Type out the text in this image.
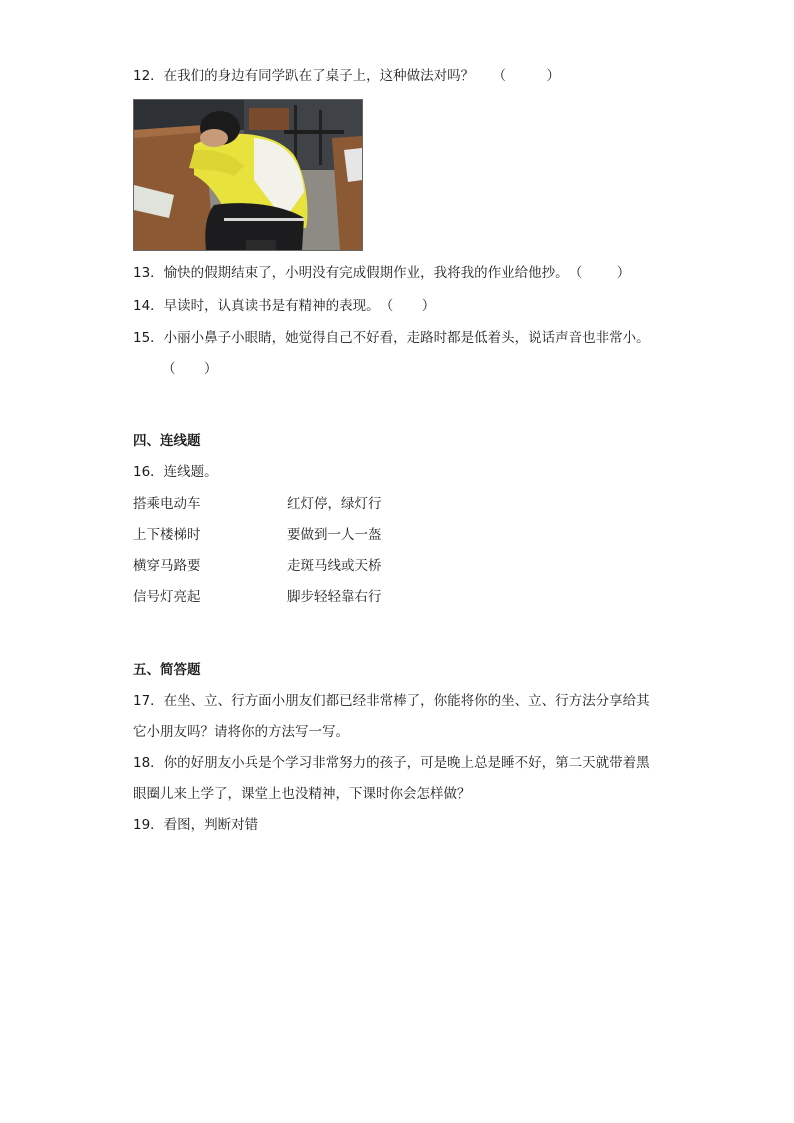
12．在我们的身边有同学趴在了桌子上，这种做法对吗？ （	）
13．愉快的假期结束了，小明没有完成假期作业，我将我的作业给他抄。（	）
14．早读时，认真读书是有精神的表现。（ ）
15．小丽小鼻子小眼睛，她觉得自己不好看，走路时都是低着头，说话声音也非常小。
（ ）
四、连线题
16．连线题。
搭乘电动车	红灯停，绿灯行
上下楼梯时	要做到一人一盔
横穿马路要	走斑马线或天桥
信号灯亮起	脚步轻轻靠右行
五、简答题
17．在坐、立、行方面小朋友们都已经非常棒了，你能将你的坐、立、行方法分享给其
它小朋友吗？请将你的方法写一写。
18．你的好朋友小兵是个学习非常努力的孩子，可是晚上总是睡不好，第二天就带着黑
眼圈儿来上学了，课堂上也没精神，下课时你会怎样做？
19．看图，判断对错
